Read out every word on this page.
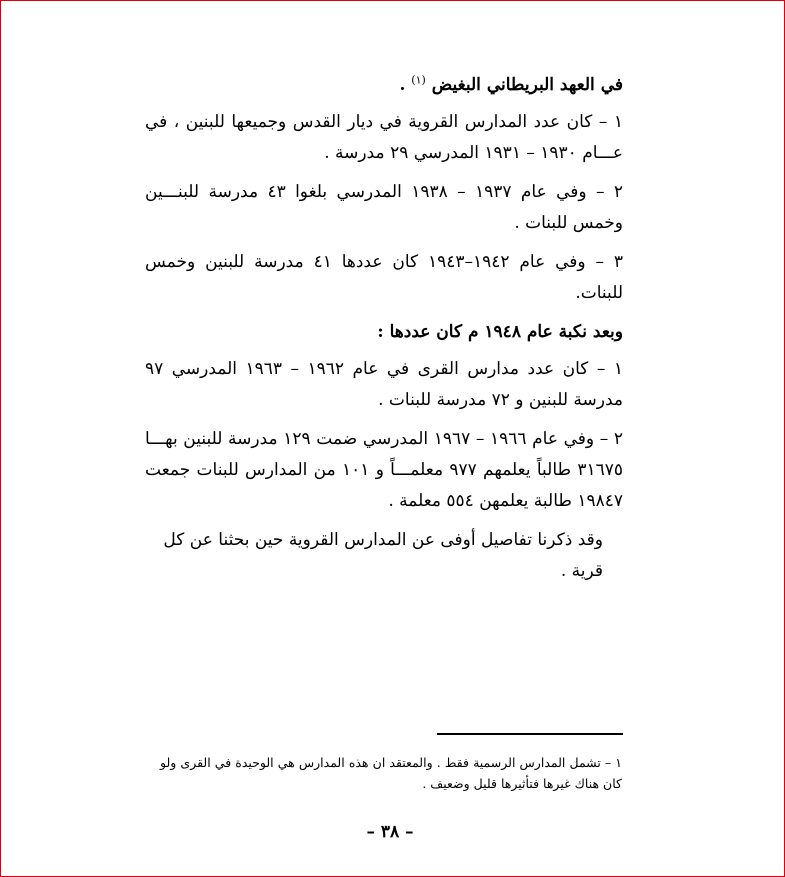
في العهد البريطاني البغيض $^{(١)}$ .
١ – كان عدد المدارس القروية في ديار القدس وجميعها للبنين ، في عـــام ١٩٣٠ – ١٩٣١ المدرسي ٢٩ مدرسة .
٢ – وفي عام ١٩٣٧ – ١٩٣٨ المدرسي بلغوا ٤٣ مدرسة للبنـــين وخمس للبنات .
٣ – وفي عام ١٩٤٢–١٩٤٣ كان عددها ٤١ مدرسة للبنين وخمس للبنات.
وبعد نكبة عام ١٩٤٨ م كان عددها :
١ – كان عدد مدارس القرى في عام ١٩٦٢ – ١٩٦٣ المدرسي ٩٧ مدرسة للبنين و ٧٢ مدرسة للبنات .
٢ – وفي عام ١٩٦٦ – ١٩٦٧ المدرسي ضمت ١٢٩ مدرسة للبنين بهـــا ٣١٦٧٥ طالباً يعلمهم ٩٧٧ معلمـــاً و ١٠١ من المدارس للبنات جمعت ١٩٨٤٧ طالبة يعلمهن ٥٥٤ معلمة .
وقد ذكرنا تفاصيل أوفى عن المدارس القروية حين بحثنا عن كل قرية .
١ – تشمل المدارس الرسمية فقط . والمعتقد ان هذه المدارس هي الوحيدة في القرى ولو كان هناك غيرها فتأثيرها قليل وضعيف .
– ٣٨ –
